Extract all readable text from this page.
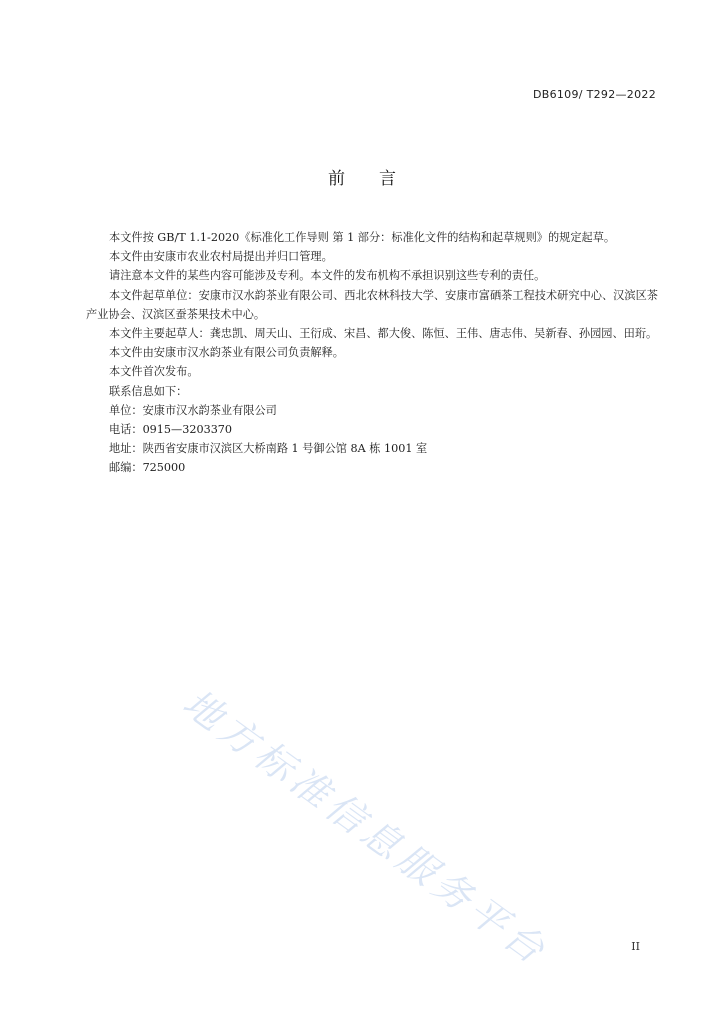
DB6109/ T292—2022
前言

本文件按 GB/T 1.1-2020《标准化工作导则 第 1 部分：标准化文件的结构和起草规则》的规定起草。

本文件由安康市农业农村局提出并归口管理。

请注意本文件的某些内容可能涉及专利。本文件的发布机构不承担识别这些专利的责任。

本文件起草单位：安康市汉水韵茶业有限公司、西北农林科技大学、安康市富硒茶工程技术研究中心、汉滨区茶产业协会、汉滨区蚕茶果技术中心。

本文件主要起草人：龚忠凯、周天山、王衍成、宋昌、都大俊、陈恒、王伟、唐志伟、吴新春、孙园园、田珩。

本文件由安康市汉水韵茶业有限公司负责解释。

本文件首次发布。

联系信息如下：

单位：安康市汉水韵茶业有限公司

电话：0915—3203370

地址：陕西省安康市汉滨区大桥南路 1 号御公馆 8A 栋 1001 室

邮编：725000

地方标准信息服务平台	II
